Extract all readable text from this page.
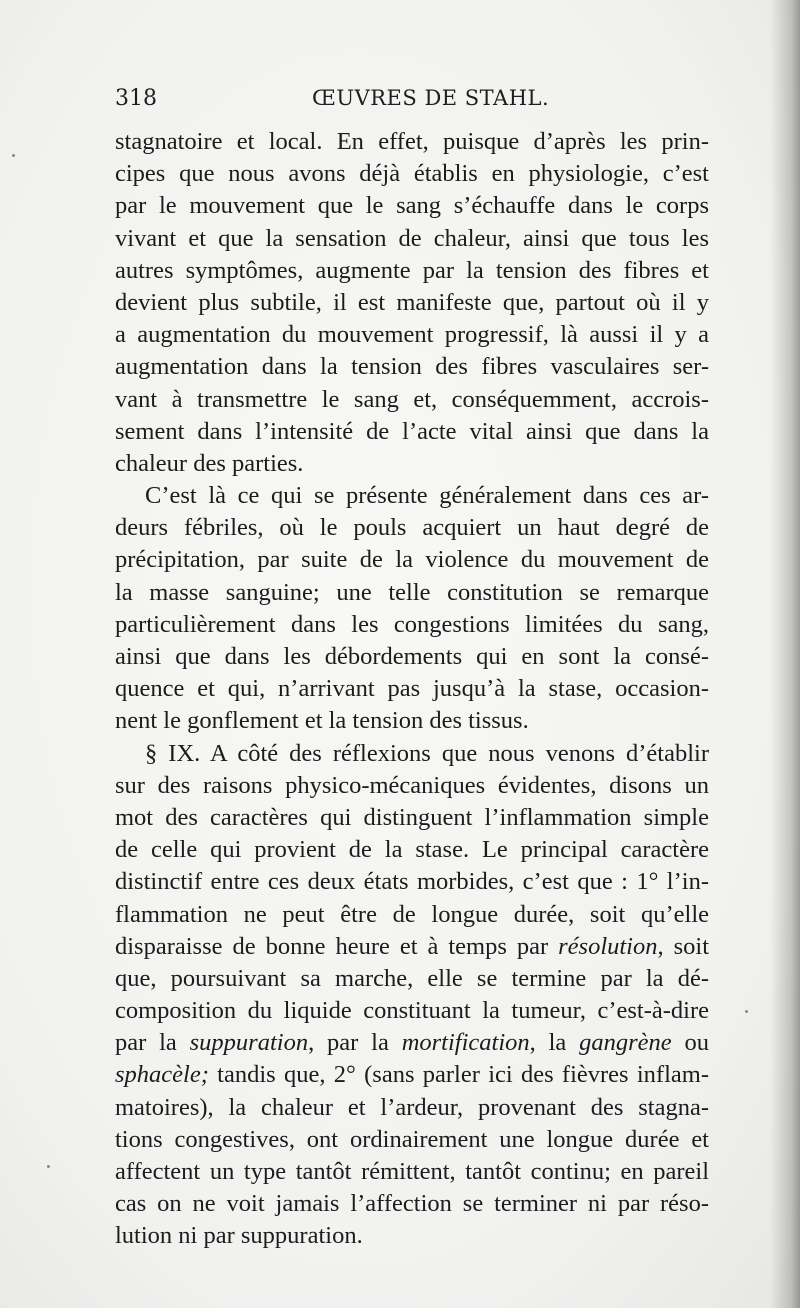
318	ŒUVRES DE STAHL.
stagnatoire et local. En effet, puisque d’après les prin-
cipes que nous avons déjà établis en physiologie, c’est
par le mouvement que le sang s’échauffe dans le corps
vivant et que la sensation de chaleur, ainsi que tous les
autres symptômes, augmente par la tension des fibres et
devient plus subtile, il est manifeste que, partout où il y
a augmentation du mouvement progressif, là aussi il y a
augmentation dans la tension des fibres vasculaires ser-
vant à transmettre le sang et, conséquemment, accrois-
sement dans l’intensité de l’acte vital ainsi que dans la
chaleur des parties.
C’est là ce qui se présente généralement dans ces ar-
deurs fébriles, où le pouls acquiert un haut degré de
précipitation, par suite de la violence du mouvement de
la masse sanguine; une telle constitution se remarque
particulièrement dans les congestions limitées du sang,
ainsi que dans les débordements qui en sont la consé-
quence et qui, n’arrivant pas jusqu’à la stase, occasion-
nent le gonflement et la tension des tissus.
§ IX. A côté des réflexions que nous venons d’établir
sur des raisons physico-mécaniques évidentes, disons un
mot des caractères qui distinguent l’inflammation simple
de celle qui provient de la stase. Le principal caractère
distinctif entre ces deux états morbides, c’est que : 1° l’in-
flammation ne peut être de longue durée, soit qu’elle
disparaisse de bonne heure et à temps par résolution, soit
que, poursuivant sa marche, elle se termine par la dé-
composition du liquide constituant la tumeur, c’est-à-dire
par la suppuration, par la mortification, la gangrène ou
sphacèle; tandis que, 2° (sans parler ici des fièvres inflam-
matoires), la chaleur et l’ardeur, provenant des stagna-
tions congestives, ont ordinairement une longue durée et
affectent un type tantôt rémittent, tantôt continu; en pareil
cas on ne voit jamais l’affection se terminer ni par réso-
lution ni par suppuration.
